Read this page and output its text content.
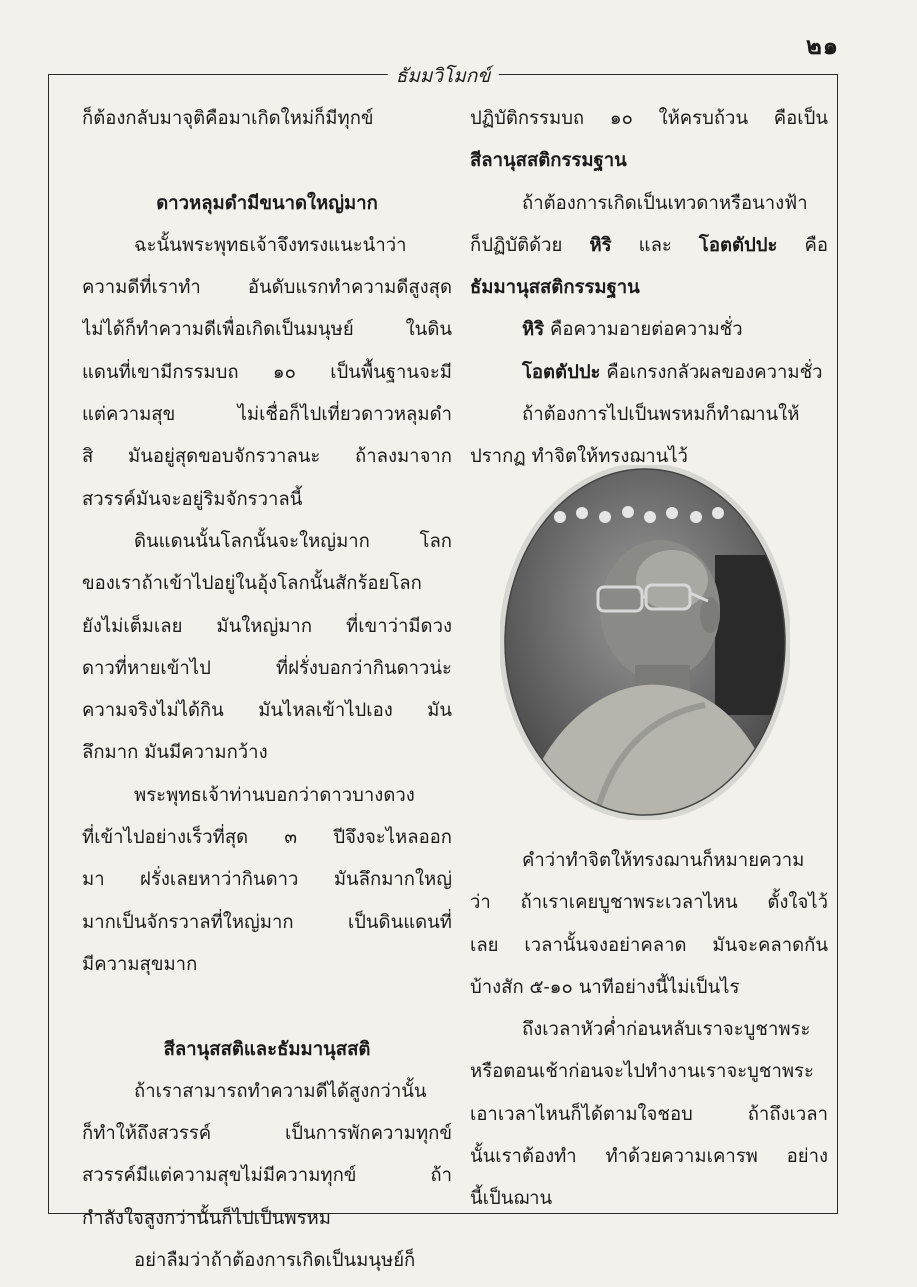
๒๑
ธัมมวิโมกข์
ก็ต้องกลับมาจุติคือมาเกิดใหม่ก็มีทุกข์
ดาวหลุมดำมีขนาดใหญ่มาก
ฉะนั้นพระพุทธเจ้าจึงทรงแนะนำว่า
ความดีที่เราทำ อันดับแรกทำความดีสูงสุด
ไม่ได้ก็ทำความดีเพื่อเกิดเป็นมนุษย์ ในดิน
แดนที่เขามีกรรมบถ ๑๐ เป็นพื้นฐานจะมี
แต่ความสุข ไม่เชื่อก็ไปเที่ยวดาวหลุมดำ
สิ มันอยู่สุดขอบจักรวาลนะ ถ้าลงมาจาก
สวรรค์มันจะอยู่ริมจักรวาลนี้
ดินแดนนั้นโลกนั้นจะใหญ่มาก โลก
ของเราถ้าเข้าไปอยู่ในอุ้งโลกนั้นสักร้อยโลก
ยังไม่เต็มเลย มันใหญ่มาก ที่เขาว่ามีดวง
ดาวที่หายเข้าไป ที่ฝรั่งบอกว่ากินดาวน่ะ
ความจริงไม่ได้กิน มันไหลเข้าไปเอง มัน
ลึกมาก มันมีความกว้าง
พระพุทธเจ้าท่านบอกว่าดาวบางดวง
ที่เข้าไปอย่างเร็วที่สุด ๓ ปีจึงจะไหลออก
มา ฝรั่งเลยหาว่ากินดาว มันลึกมากใหญ่
มากเป็นจักรวาลที่ใหญ่มาก เป็นดินแดนที่
มีความสุขมาก
สีลานุสสติและธัมมานุสสติ
ถ้าเราสามารถทำความดีได้สูงกว่านั้น
ก็ทำให้ถึงสวรรค์ เป็นการพักความทุกข์
สวรรค์มีแต่ความสุขไม่มีความทุกข์ ถ้า
กำลังใจสูงกว่านั้นก็ไปเป็นพรหม
อย่าลืมว่าถ้าต้องการเกิดเป็นมนุษย์ก็
ปฏิบัติกรรมบถ ๑๐ ให้ครบถ้วน คือเป็น
สีลานุสสติกรรมฐาน
ถ้าต้องการเกิดเป็นเทวดาหรือนางฟ้า
ก็ปฏิบัติด้วย หิริ และ โอตตัปปะ คือ
ธัมมานุสสติกรรมฐาน
หิริ คือความอายต่อความชั่ว
โอตตัปปะ คือเกรงกลัวผลของความชั่ว
ถ้าต้องการไปเป็นพรหมก็ทำฌานให้
ปรากฏ ทำจิตให้ทรงฌานไว้
คำว่าทำจิตให้ทรงฌานก็หมายความ
ว่า ถ้าเราเคยบูชาพระเวลาไหน ตั้งใจไว้
เลย เวลานั้นจงอย่าคลาด มันจะคลาดกัน
บ้างสัก ๕-๑๐ นาทีอย่างนี้ไม่เป็นไร
ถึงเวลาหัวค่ำก่อนหลับเราจะบูชาพระ
หรือตอนเช้าก่อนจะไปทำงานเราจะบูชาพระ
เอาเวลาไหนก็ได้ตามใจชอบ ถ้าถึงเวลา
นั้นเราต้องทำ ทำด้วยความเคารพ อย่าง
นี้เป็นฌาน
